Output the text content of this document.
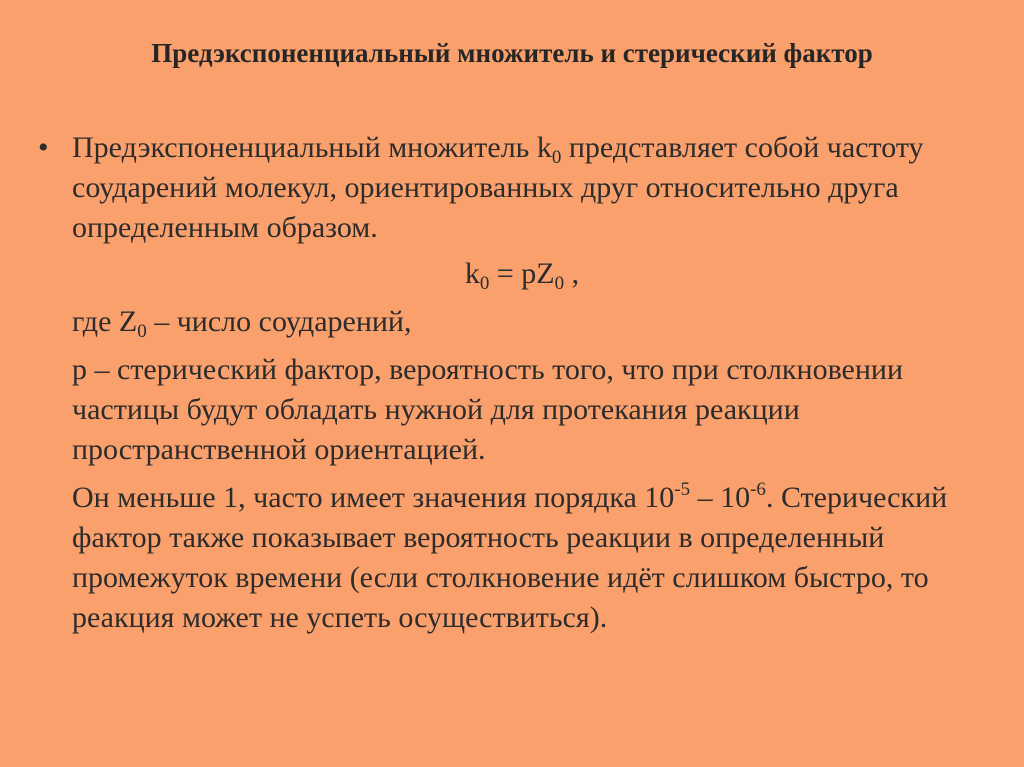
Предэкспоненциальный множитель и стерический фактор
• Предэкспоненциальный множитель $k_0$ представляет собой частоту соударений молекул, ориентированных друг относительно друга определенным образом.

$k_0 = pZ_0$ ,

где $Z_0$ – число соударений,

р – стерический фактор, вероятность того, что при столкновении частицы будут обладать нужной для протекания реакции пространственной ориентацией.

Он меньше 1, часто имеет значения порядка $10^{-5} - 10^{-6}$. Стерический фактор также показывает вероятность реакции в определенный промежуток времени (если столкновение идёт слишком быстро, то реакция может не успеть осуществиться).
